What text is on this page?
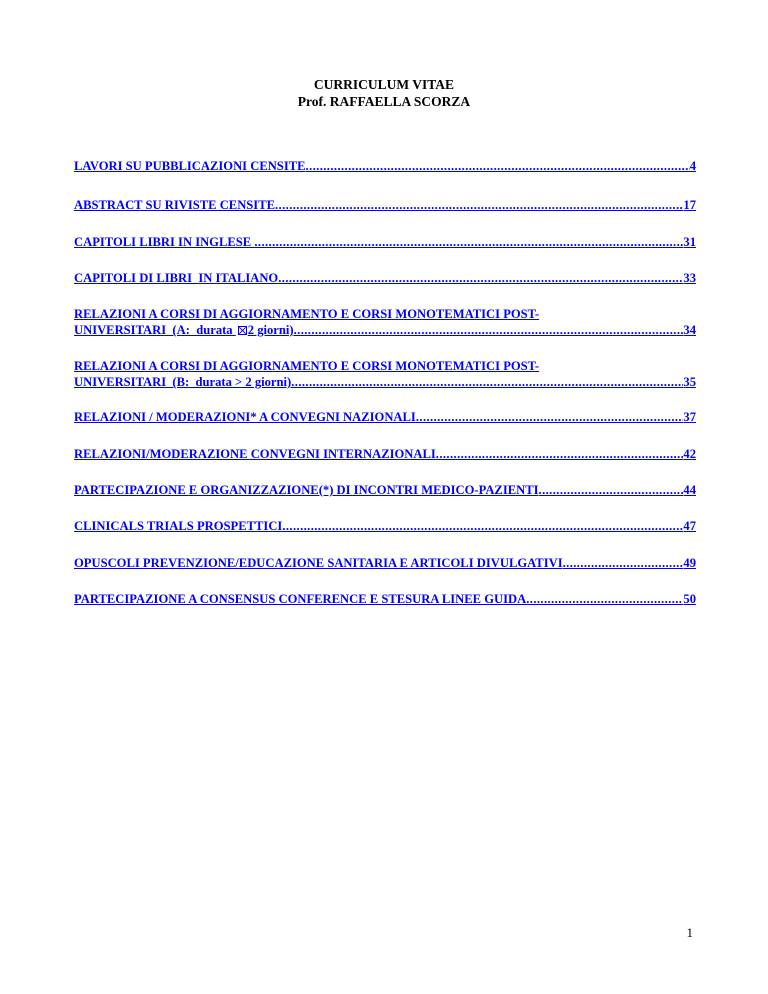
CURRICULUM VITAE
Prof. RAFFAELLA SCORZA
LAVORI SU PUBBLICAZIONI CENSITE .....	4
ABSTRACT SU RIVISTE CENSITE .....	17
CAPITOLI LIBRI IN INGLESE .....	31
CAPITOLI DI LIBRI  IN ITALIANO .....	33
RELAZIONI A CORSI DI AGGIORNAMENTO E CORSI MONOTEMATICI POST-
UNIVERSITARI  (A:  durata 2 giorni) .....	34
RELAZIONI A CORSI DI AGGIORNAMENTO E CORSI MONOTEMATICI POST-
UNIVERSITARI  (B:  durata > 2 giorni) .....	35
RELAZIONI / MODERAZIONI* A CONVEGNI NAZIONALI .....	37
RELAZIONI/MODERAZIONE CONVEGNI INTERNAZIONALI .....	42
PARTECIPAZIONE E ORGANIZZAZIONE(*) DI INCONTRI MEDICO-PAZIENTI .....	44
CLINICALS TRIALS PROSPETTICI .....	47
OPUSCOLI PREVENZIONE/EDUCAZIONE SANITARIA E ARTICOLI DIVULGATIVI .....	49
PARTECIPAZIONE A CONSENSUS CONFERENCE E STESURA LINEE GUIDA .....	50
1
